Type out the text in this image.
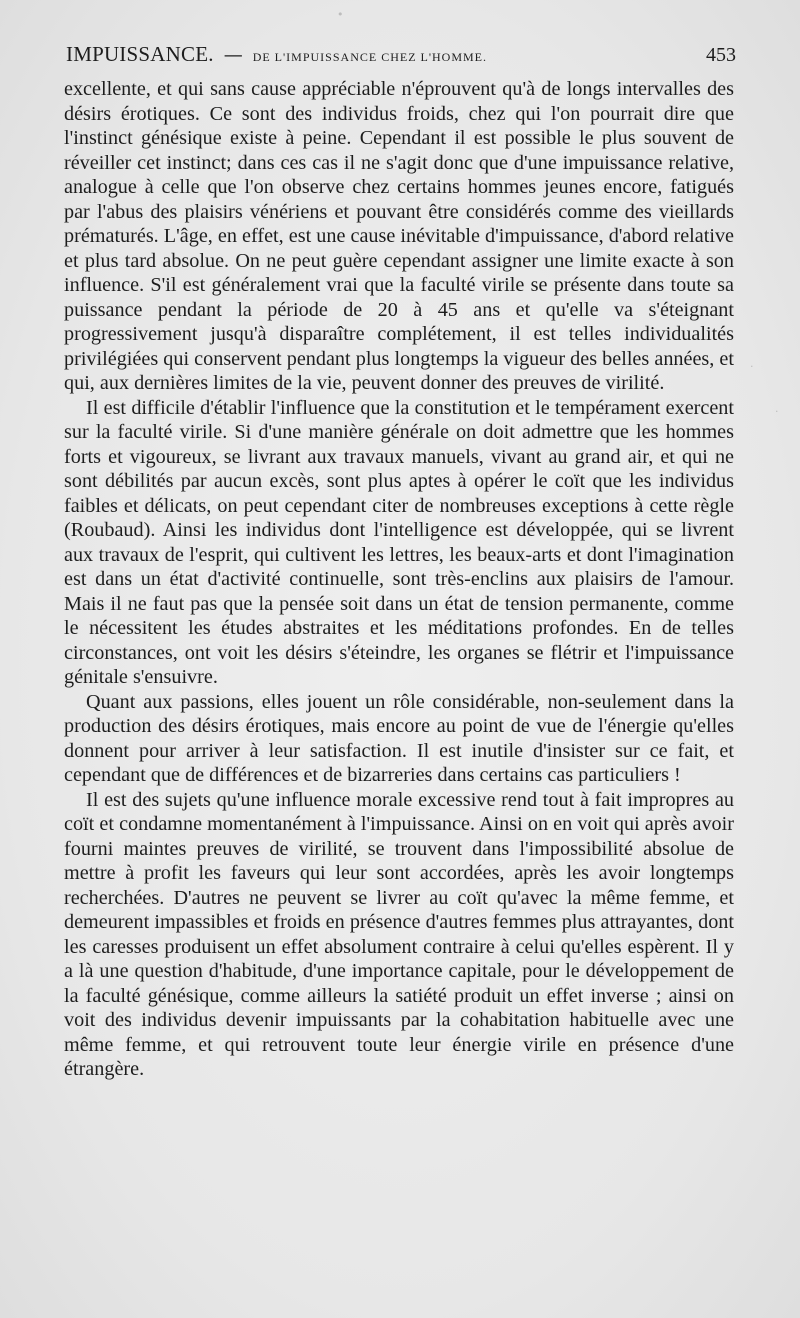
IMPUISSANCE. — DE L'IMPUISSANCE CHEZ L'HOMME.	453

excellente, et qui sans cause appréciable n'éprouvent qu'à de longs intervalles des désirs érotiques. Ce sont des individus froids, chez qui l'on pourrait dire que l'instinct génésique existe à peine. Cependant il est possible le plus souvent de réveiller cet instinct; dans ces cas il ne s'agit donc que d'une impuissance relative, analogue à celle que l'on observe chez certains hommes jeunes encore, fatigués par l'abus des plaisirs vénériens et pouvant être considérés comme des vieillards prématurés. L'âge, en effet, est une cause inévitable d'impuissance, d'abord relative et plus tard absolue. On ne peut guère cependant assigner une limite exacte à son influence. S'il est généralement vrai que la faculté virile se présente dans toute sa puissance pendant la période de 20 à 45 ans et qu'elle va s'éteignant progressivement jusqu'à disparaître complétement, il est telles individualités privilégiées qui conservent pendant plus longtemps la vigueur des belles années, et qui, aux dernières limites de la vie, peuvent donner des preuves de virilité.

Il est difficile d'établir l'influence que la constitution et le tempérament exercent sur la faculté virile. Si d'une manière générale on doit admettre que les hommes forts et vigoureux, se livrant aux travaux manuels, vivant au grand air, et qui ne sont débilités par aucun excès, sont plus aptes à opérer le coït que les individus faibles et délicats, on peut cependant citer de nombreuses exceptions à cette règle (Roubaud). Ainsi les individus dont l'intelligence est développée, qui se livrent aux travaux de l'esprit, qui cultivent les lettres, les beaux-arts et dont l'imagination est dans un état d'activité continuelle, sont très-enclins aux plaisirs de l'amour. Mais il ne faut pas que la pensée soit dans un état de tension permanente, comme le nécessitent les études abstraites et les méditations profondes. En de telles circonstances, ont voit les désirs s'éteindre, les organes se flétrir et l'impuissance génitale s'ensuivre.

Quant aux passions, elles jouent un rôle considérable, non-seulement dans la production des désirs érotiques, mais encore au point de vue de l'énergie qu'elles donnent pour arriver à leur satisfaction. Il est inutile d'insister sur ce fait, et cependant que de différences et de bizarreries dans certains cas particuliers !

Il est des sujets qu'une influence morale excessive rend tout à fait impropres au coït et condamne momentanément à l'impuissance. Ainsi on en voit qui après avoir fourni maintes preuves de virilité, se trouvent dans l'impossibilité absolue de mettre à profit les faveurs qui leur sont accordées, après les avoir longtemps recherchées. D'autres ne peuvent se livrer au coït qu'avec la même femme, et demeurent impassibles et froids en présence d'autres femmes plus attrayantes, dont les caresses produisent un effet absolument contraire à celui qu'elles espèrent. Il y a là une question d'habitude, d'une importance capitale, pour le développement de la faculté génésique, comme ailleurs la satiété produit un effet inverse ; ainsi on voit des individus devenir impuissants par la cohabitation habituelle avec une même femme, et qui retrouvent toute leur énergie virile en présence d'une étrangère.

·
·
•
